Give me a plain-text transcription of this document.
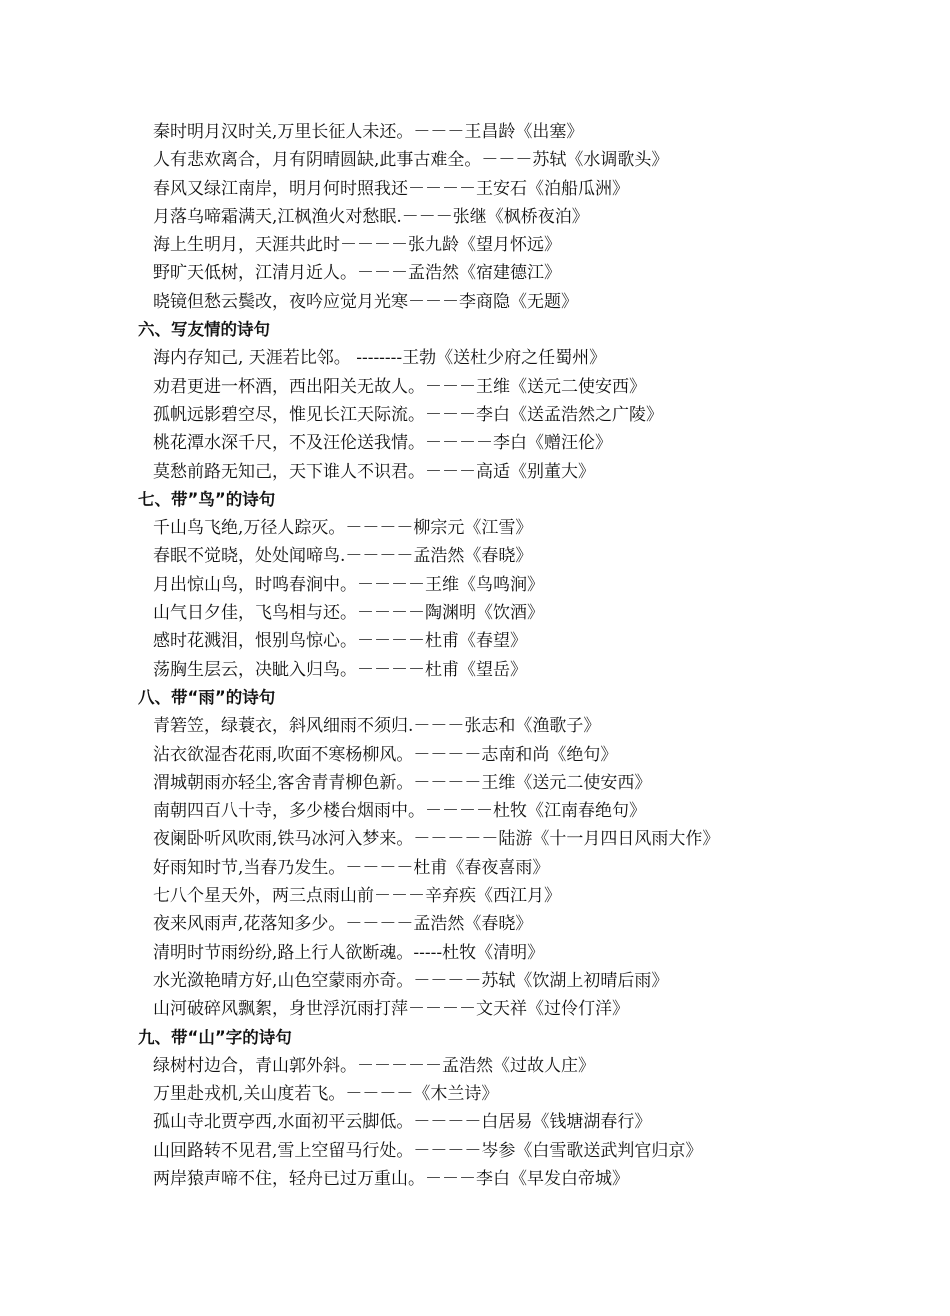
秦时明月汉时关,万里长征人未还。－－－王昌龄《出塞》
人有悲欢离合，月有阴晴圆缺,此事古难全。－－－苏轼《水调歌头》
春风又绿江南岸，明月何时照我还－－－－王安石《泊船瓜洲》
月落乌啼霜满天,江枫渔火对愁眠.－－－张继《枫桥夜泊》
海上生明月，天涯共此时－－－－张九龄《望月怀远》
野旷天低树，江清月近人。－－－孟浩然《宿建德江》
晓镜但愁云鬓改，夜吟应觉月光寒－－－李商隐《无题》
六、写友情的诗句
海内存知己, 天涯若比邻。 --------王勃《送杜少府之任蜀州》
劝君更进一杯酒，西出阳关无故人。－－－王维《送元二使安西》
孤帆远影碧空尽，惟见长江天际流。－－－李白《送孟浩然之广陵》
桃花潭水深千尺，不及汪伦送我情。－－－－李白《赠汪伦》
莫愁前路无知己，天下谁人不识君。－－－高适《别董大》
七、带”鸟”的诗句
千山鸟飞绝,万径人踪灭。－－－－柳宗元《江雪》
春眠不觉晓，处处闻啼鸟.－－－－孟浩然《春晓》
月出惊山鸟，时鸣春涧中。－－－－王维《鸟鸣涧》
山气日夕佳，飞鸟相与还。－－－－陶渊明《饮酒》
感时花溅泪，恨别鸟惊心。－－－－杜甫《春望》
荡胸生层云，决眦入归鸟。－－－－杜甫《望岳》
八、带“雨”的诗句
青箬笠，绿蓑衣，斜风细雨不须归.－－－张志和《渔歌子》
沾衣欲湿杏花雨,吹面不寒杨柳风。－－－－志南和尚《绝句》
渭城朝雨亦轻尘,客舍青青柳色新。－－－－王维《送元二使安西》
南朝四百八十寺，多少楼台烟雨中。－－－－杜牧《江南春绝句》
夜阑卧听风吹雨,铁马冰河入梦来。－－－－－陆游《十一月四日风雨大作》
好雨知时节,当春乃发生。－－－－杜甫《春夜喜雨》
七八个星天外，两三点雨山前－－－辛弃疾《西江月》
夜来风雨声,花落知多少。－－－－孟浩然《春晓》
清明时节雨纷纷,路上行人欲断魂。-----杜牧《清明》
水光潋艳晴方好,山色空蒙雨亦奇。－－－－苏轼《饮湖上初晴后雨》
山河破碎风飘絮，身世浮沉雨打萍－－－－文天祥《过伶仃洋》
九、带“山”字的诗句
绿树村边合，青山郭外斜。－－－－－孟浩然《过故人庄》
万里赴戎机,关山度若飞。－－－－《木兰诗》
孤山寺北贾亭西,水面初平云脚低。－－－－白居易《钱塘湖春行》
山回路转不见君,雪上空留马行处。－－－－岑参《白雪歌送武判官归京》
两岸猿声啼不住，轻舟已过万重山。－－－李白《早发白帝城》
